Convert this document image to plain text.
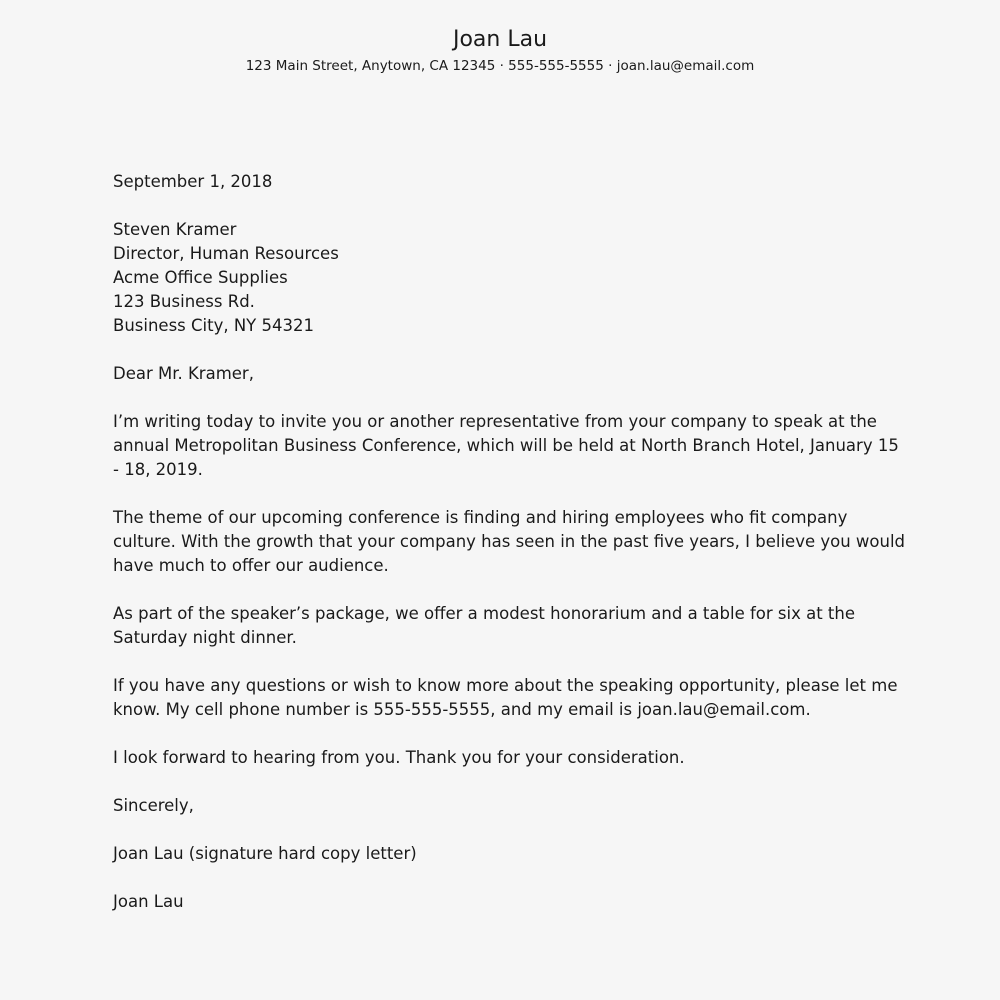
Joan Lau
123 Main Street, Anytown, CA 12345 · 555-555-5555 · joan.lau@email.com
September 1, 2018
Steven Kramer
Director, Human Resources
Acme Office Supplies
123 Business Rd.
Business City, NY 54321
Dear Mr. Kramer,
I’m writing today to invite you or another representative from your company to speak at the
annual Metropolitan Business Conference, which will be held at North Branch Hotel, January 15
- 18, 2019.
The theme of our upcoming conference is finding and hiring employees who fit company
culture. With the growth that your company has seen in the past five years, I believe you would
have much to offer our audience.
As part of the speaker’s package, we offer a modest honorarium and a table for six at the
Saturday night dinner.
If you have any questions or wish to know more about the speaking opportunity, please let me
know. My cell phone number is 555-555-5555, and my email is joan.lau@email.com.
I look forward to hearing from you. Thank you for your consideration.
Sincerely,
Joan Lau (signature hard copy letter)
Joan Lau
